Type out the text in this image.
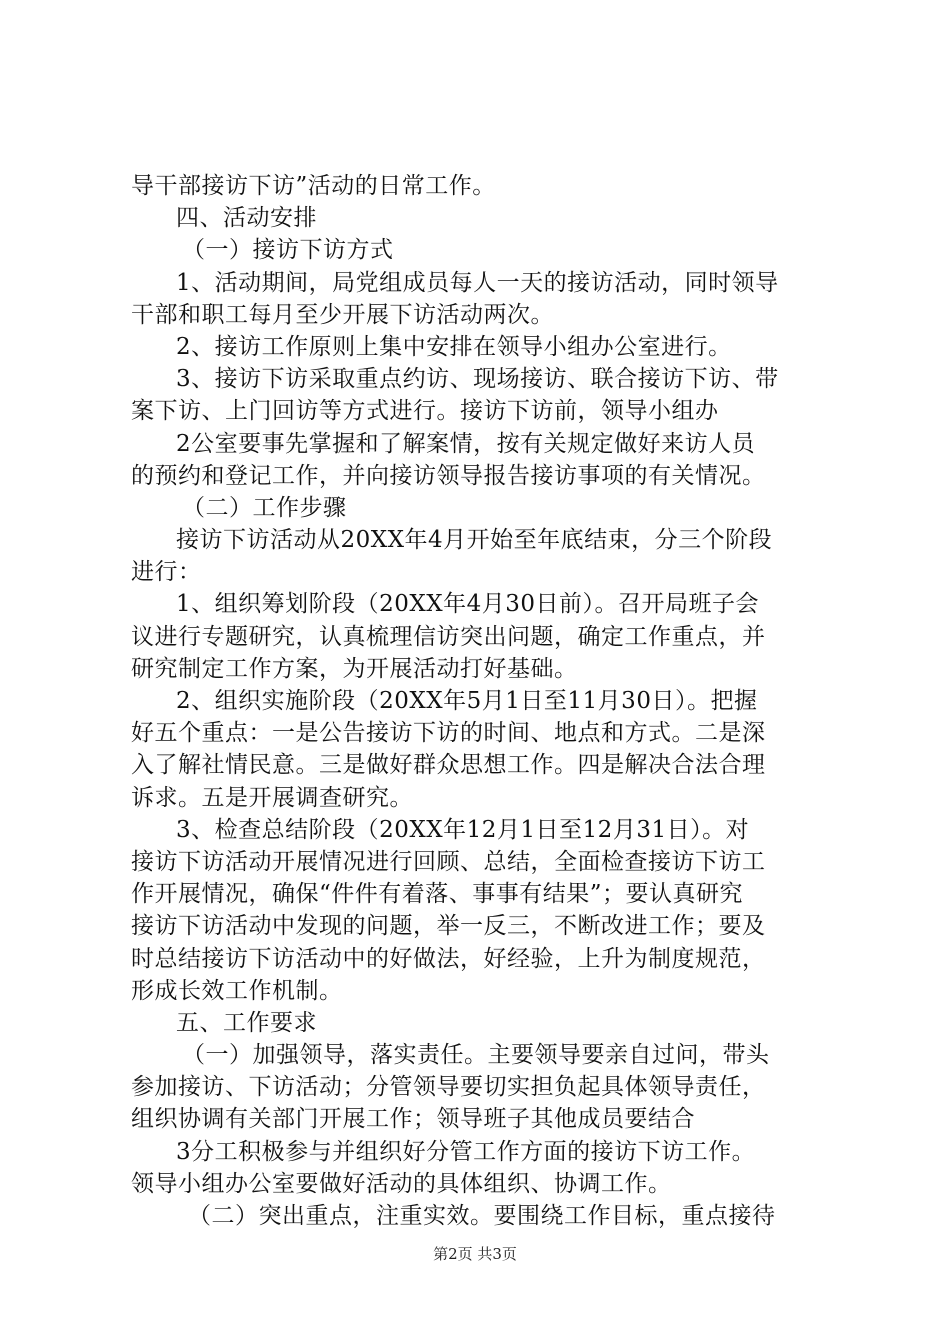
导干部接访下访”活动的日常工作。
四、活动安排
（一）接访下访方式
1、活动期间，局党组成员每人一天的接访活动，同时领导
干部和职工每月至少开展下访活动两次。
2、接访工作原则上集中安排在领导小组办公室进行。
3、接访下访采取重点约访、现场接访、联合接访下访、带
案下访、上门回访等方式进行。接访下访前，领导小组办
2公室要事先掌握和了解案情，按有关规定做好来访人员
的预约和登记工作，并向接访领导报告接访事项的有关情况。
（二）工作步骤
接访下访活动从20XX年4月开始至年底结束，分三个阶段
进行：
1、组织筹划阶段（20XX年4月30日前）。召开局班子会
议进行专题研究，认真梳理信访突出问题，确定工作重点，并
研究制定工作方案，为开展活动打好基础。
2、组织实施阶段（20XX年5月1日至11月30日）。把握
好五个重点：一是公告接访下访的时间、地点和方式。二是深
入了解社情民意。三是做好群众思想工作。四是解决合法合理
诉求。五是开展调查研究。
3、检查总结阶段（20XX年12月1日至12月31日）。对
接访下访活动开展情况进行回顾、总结，全面检查接访下访工
作开展情况，确保“件件有着落、事事有结果”；要认真研究
接访下访活动中发现的问题，举一反三，不断改进工作；要及
时总结接访下访活动中的好做法，好经验，上升为制度规范，
形成长效工作机制。
五、工作要求
（一）加强领导，落实责任。主要领导要亲自过问，带头
参加接访、下访活动；分管领导要切实担负起具体领导责任，
组织协调有关部门开展工作；领导班子其他成员要结合
3分工积极参与并组织好分管工作方面的接访下访工作。
领导小组办公室要做好活动的具体组织、协调工作。
（二）突出重点，注重实效。要围绕工作目标，重点接待
第2页 共3页
